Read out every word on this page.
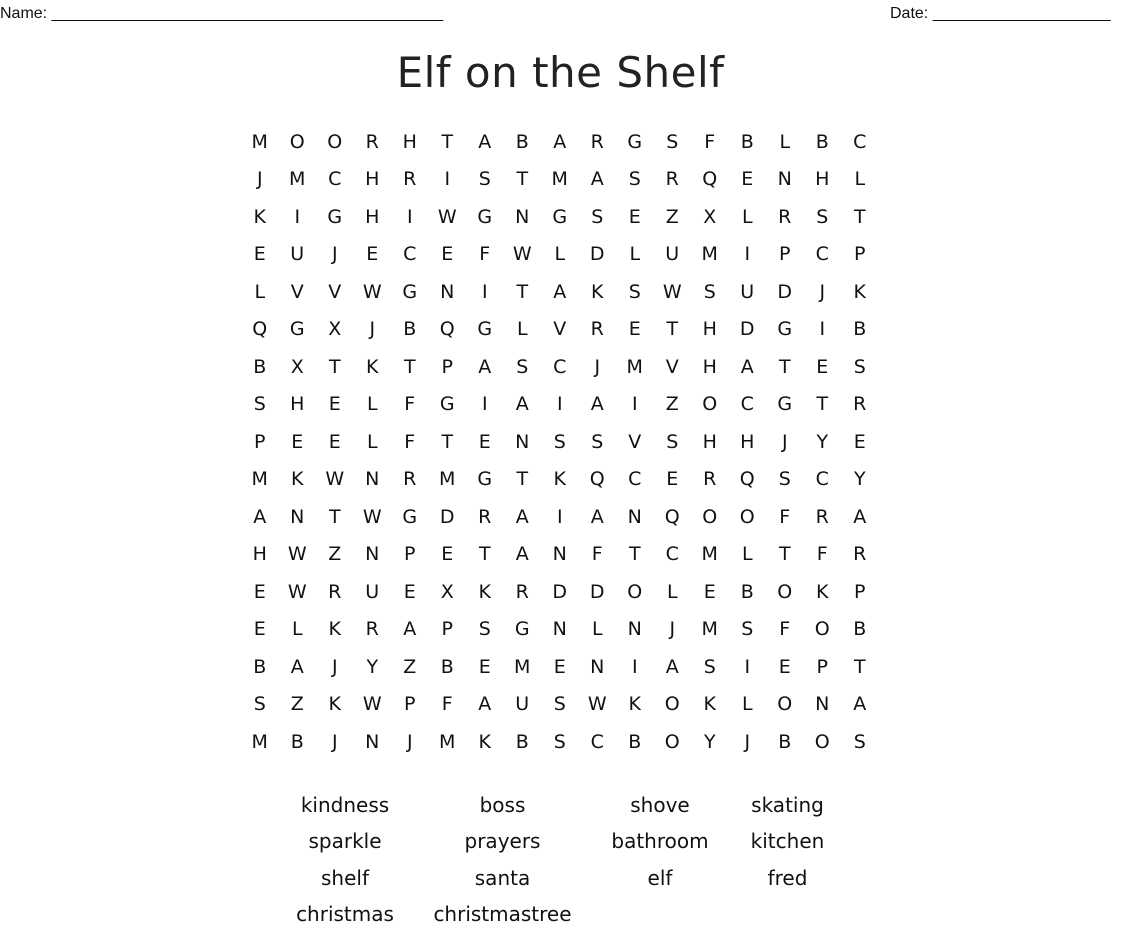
Name: ____________________________________________	Date: ____________________
Elf on the Shelf
M	O	O	R	H	T	A	B	A	R	G	S	F	B	L	B	C
J	M	C	H	R	I	S	T	M	A	S	R	Q	E	N	H	L
K	I	G	H	I	W	G	N	G	S	E	Z	X	L	R	S	T
E	U	J	E	C	E	F	W	L	D	L	U	M	I	P	C	P
L	V	V	W	G	N	I	T	A	K	S	W	S	U	D	J	K
Q	G	X	J	B	Q	G	L	V	R	E	T	H	D	G	I	B
B	X	T	K	T	P	A	S	C	J	M	V	H	A	T	E	S
S	H	E	L	F	G	I	A	I	A	I	Z	O	C	G	T	R
P	E	E	L	F	T	E	N	S	S	V	S	H	H	J	Y	E
M	K	W	N	R	M	G	T	K	Q	C	E	R	Q	S	C	Y
A	N	T	W	G	D	R	A	I	A	N	Q	O	O	F	R	A
H	W	Z	N	P	E	T	A	N	F	T	C	M	L	T	F	R
E	W	R	U	E	X	K	R	D	D	O	L	E	B	O	K	P
E	L	K	R	A	P	S	G	N	L	N	J	M	S	F	O	B
B	A	J	Y	Z	B	E	M	E	N	I	A	S	I	E	P	T
S	Z	K	W	P	F	A	U	S	W	K	O	K	L	O	N	A
M	B	J	N	J	M	K	B	S	C	B	O	Y	J	B	O	S
kindness	boss	shove	skating
sparkle	prayers	bathroom	kitchen
shelf	santa	elf	fred
christmas	christmastree
